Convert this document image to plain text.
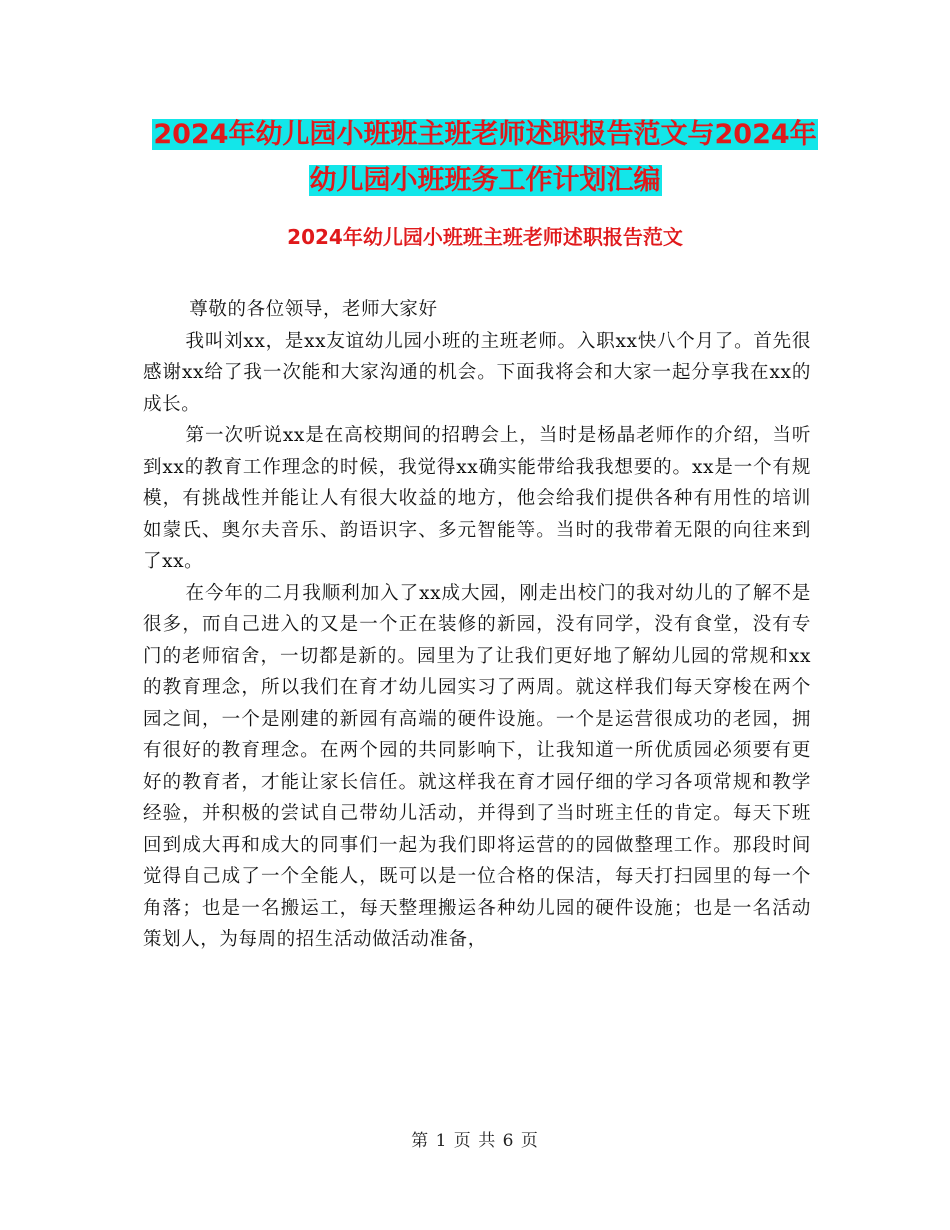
2024年幼儿园小班班主班老师述职报告范文与2024年
幼儿园小班班务工作计划汇编
2024年幼儿园小班班主班老师述职报告范文

尊敬的各位领导，老师大家好

我叫刘xx，是xx友谊幼儿园小班的主班老师。入职xx快八个月了。首先很感谢xx给了我一次能和大家沟通的机会。下面我将会和大家一起分享我在xx的成长。

第一次听说xx是在高校期间的招聘会上，当时是杨晶老师作的介绍，当听到xx的教育工作理念的时候，我觉得xx确实能带给我我想要的。xx是一个有规模，有挑战性并能让人有很大收益的地方，他会给我们提供各种有用性的培训如蒙氏、奥尔夫音乐、韵语识字、多元智能等。当时的我带着无限的向往来到了xx。

在今年的二月我顺利加入了xx成大园，刚走出校门的我对幼儿的了解不是很多，而自己进入的又是一个正在装修的新园，没有同学，没有食堂，没有专门的老师宿舍，一切都是新的。园里为了让我们更好地了解幼儿园的常规和xx的教育理念，所以我们在育才幼儿园实习了两周。就这样我们每天穿梭在两个园之间，一个是刚建的新园有高端的硬件设施。一个是运营很成功的老园，拥有很好的教育理念。在两个园的共同影响下，让我知道一所优质园必须要有更好的教育者，才能让家长信任。就这样我在育才园仔细的学习各项常规和教学经验，并积极的尝试自己带幼儿活动，并得到了当时班主任的肯定。每天下班回到成大再和成大的同事们一起为我们即将运营的的园做整理工作。那段时间觉得自己成了一个全能人，既可以是一位合格的保洁，每天打扫园里的每一个角落；也是一名搬运工，每天整理搬运各种幼儿园的硬件设施；也是一名活动策划人，为每周的招生活动做活动准备，

第 1 页 共 6 页
